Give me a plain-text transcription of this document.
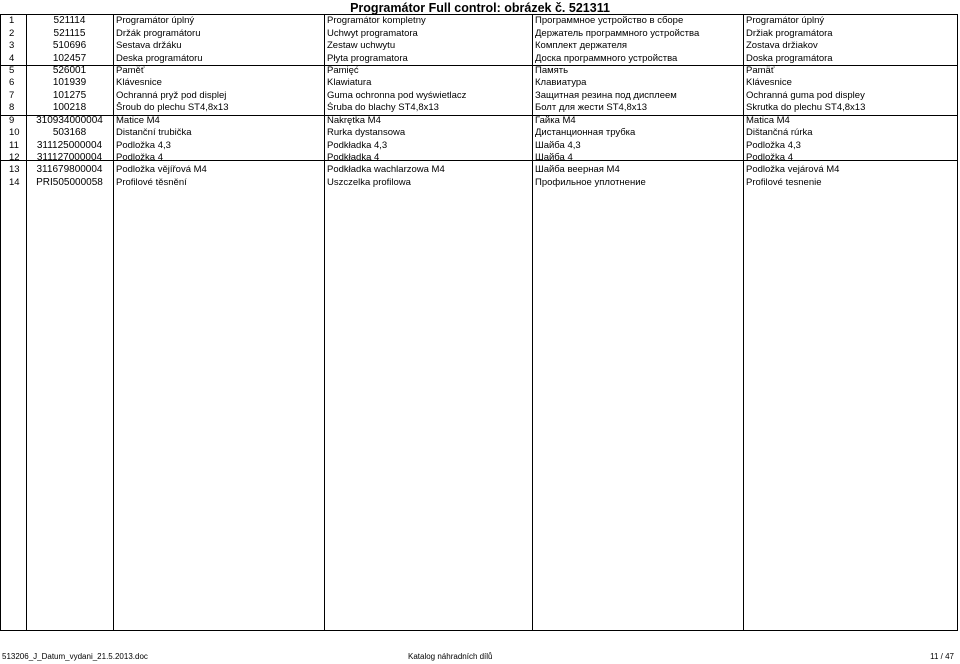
Programátor Full control: obrázek č. 521311
1	521114	Programátor úplný	Programátor kompletny	Программное устройство в сборе	Programátor úplný
2	521115	Držák programátoru	Uchwyt programatora	Держатель программного устройства	Držiak programátora
3	510696	Sestava držáku	Zestaw uchwytu	Комплект держателя	Zostava držiakov
4	102457	Deska programátoru	Płyta programatora	Доска программного устройства	Doska programátora
5	526001	Paměť	Pamięć	Память	Pamäť
6	101939	Klávesnice	Klawiatura	Клавиатура	Klávesnice
7	101275	Ochranná pryž pod displej	Guma ochronna pod wyświetlacz	Защитная резина под дисплеем	Ochranná guma pod displey
8	100218	Šroub do plechu ST4,8x13	Śruba do blachy ST4,8x13	Болт для жести ST4,8x13	Skrutka do plechu ST4,8x13
9	310934000004	Matice M4	Nakrętka M4	Гайка M4	Matica M4
10	503168	Distanční trubička	Rurka dystansowa	Дистанционная трубка	Dištančná rúrka
11	311125000004	Podložka 4,3	Podkładka 4,3	Шайба 4,3	Podložka 4,3
12	311127000004	Podložka 4	Podkładka 4	Шайба 4	Podložka 4
13	311679800004	Podložka vějířová M4	Podkładka wachlarzowa M4	Шайба веерная M4	Podložka vejárová M4
14	PRI505000058	Profilové těsnění	Uszczelka profilowa	Профильное уплотнение	Profilové tesnenie
513206_J_Datum_vydani_21.5.2013.doc	Katalog náhradních dílů	11 / 47
